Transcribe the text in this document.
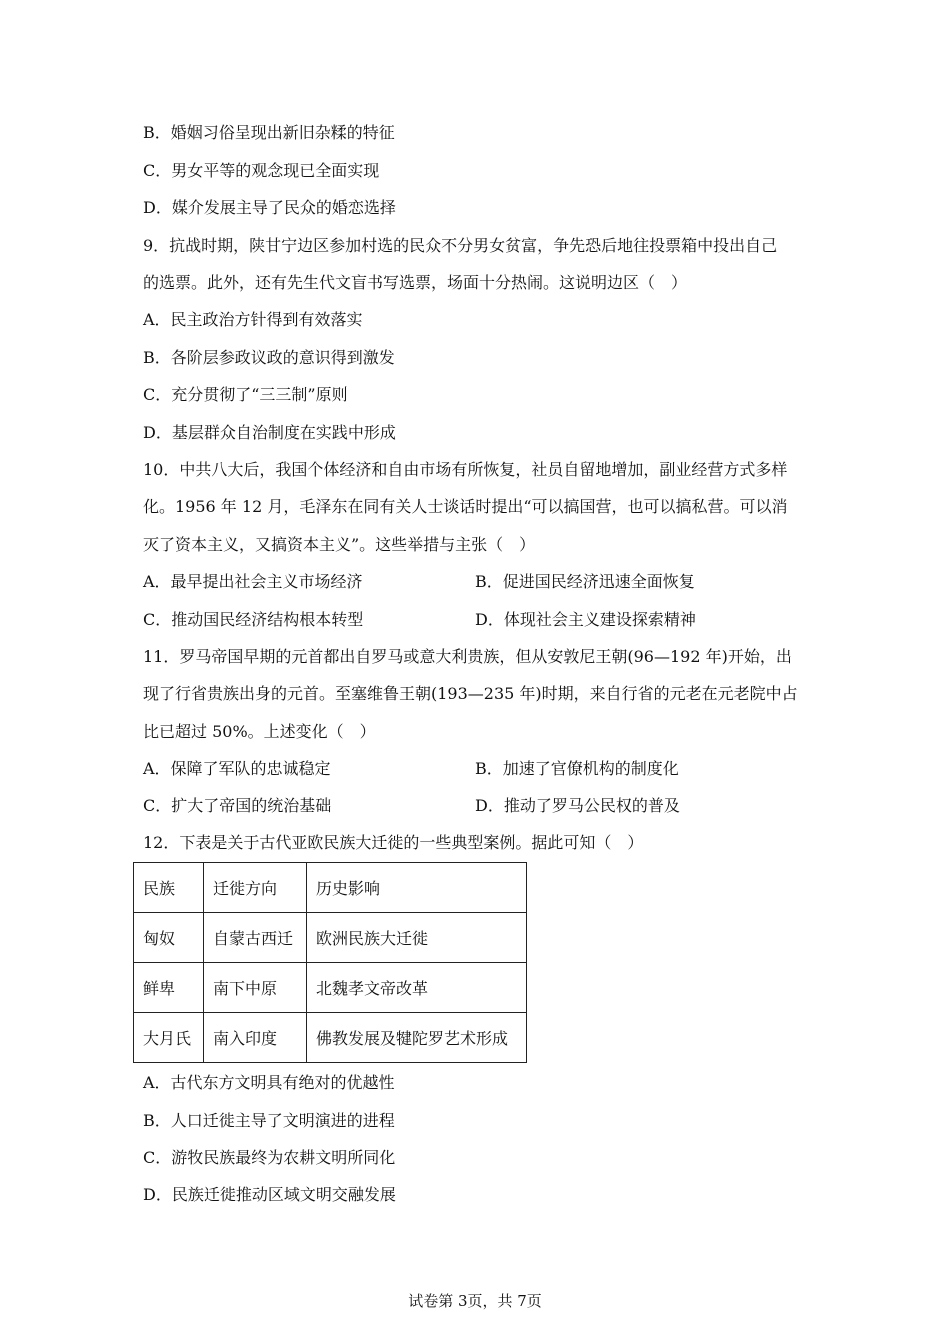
B．婚姻习俗呈现出新旧杂糅的特征
C．男女平等的观念现已全面实现
D．媒介发展主导了民众的婚恋选择
9．抗战时期，陕甘宁边区参加村选的民众不分男女贫富，争先恐后地往投票箱中投出自己
的选票。此外，还有先生代文盲书写选票，场面十分热闹。这说明边区（　）
A．民主政治方针得到有效落实
B．各阶层参政议政的意识得到激发
C．充分贯彻了“三三制”原则
D．基层群众自治制度在实践中形成
10．中共八大后，我国个体经济和自由市场有所恢复，社员自留地增加，副业经营方式多样
化。1956 年 12 月，毛泽东在同有关人士谈话时提出“可以搞国营，也可以搞私营。可以消
灭了资本主义，又搞资本主义”。这些举措与主张（　）
A．最早提出社会主义市场经济	B．促进国民经济迅速全面恢复
C．推动国民经济结构根本转型	D．体现社会主义建设探索精神
11．罗马帝国早期的元首都出自罗马或意大利贵族，但从安敦尼王朝(96—192 年)开始，出
现了行省贵族出身的元首。至塞维鲁王朝(193—235 年)时期，来自行省的元老在元老院中占
比已超过 50%。上述变化（　）
A．保障了军队的忠诚稳定	B．加速了官僚机构的制度化
C．扩大了帝国的统治基础	D．推动了罗马公民权的普及
12．下表是关于古代亚欧民族大迁徙的一些典型案例。据此可知（　）
民族	迁徙方向	历史影响
匈奴	自蒙古西迁	欧洲民族大迁徙
鲜卑	南下中原	北魏孝文帝改革
大月氏	南入印度	佛教发展及犍陀罗艺术形成
A．古代东方文明具有绝对的优越性
B．人口迁徙主导了文明演进的进程
C．游牧民族最终为农耕文明所同化
D．民族迁徙推动区域文明交融发展
试卷第 3页，共 7页
